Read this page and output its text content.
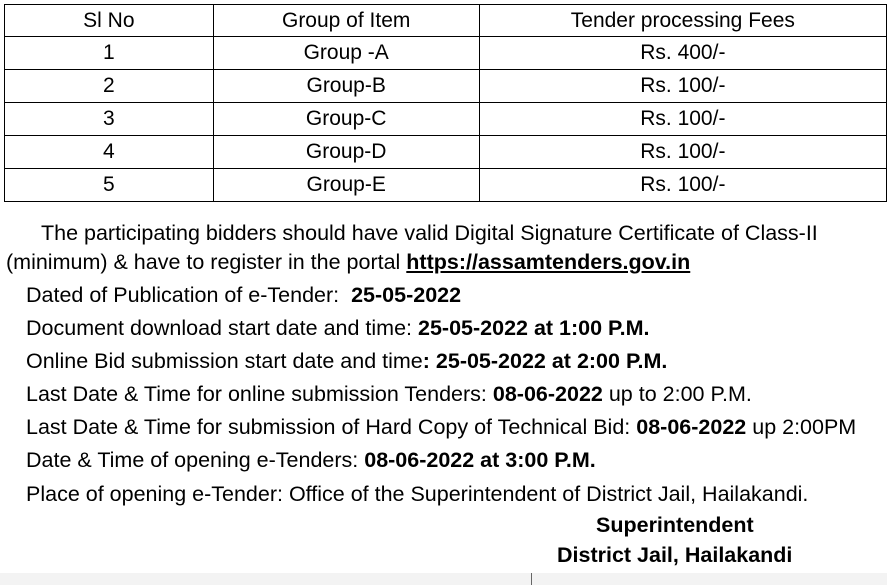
Sl No	Group of Item	Tender processing Fees
1	Group -A	Rs. 400/-
2	Group-B	Rs. 100/-
3	Group-C	Rs. 100/-
4	Group-D	Rs. 100/-
5	Group-E	Rs. 100/-
The participating bidders should have valid Digital Signature Certificate of Class-II
(minimum) & have to register in the portal https://assamtenders.gov.in
Dated of Publication of e-Tender: 25-05-2022
Document download start date and time: 25-05-2022 at 1:00 P.M.
Online Bid submission start date and time: 25-05-2022 at 2:00 P.M.
Last Date & Time for online submission Tenders: 08-06-2022 up to 2:00 P.M.
Last Date & Time for submission of Hard Copy of Technical Bid: 08-06-2022 up 2:00PM
Date & Time of opening e-Tenders: 08-06-2022 at 3:00 P.M.
Place of opening e-Tender: Office of the Superintendent of District Jail, Hailakandi.
Superintendent
District Jail, Hailakandi
